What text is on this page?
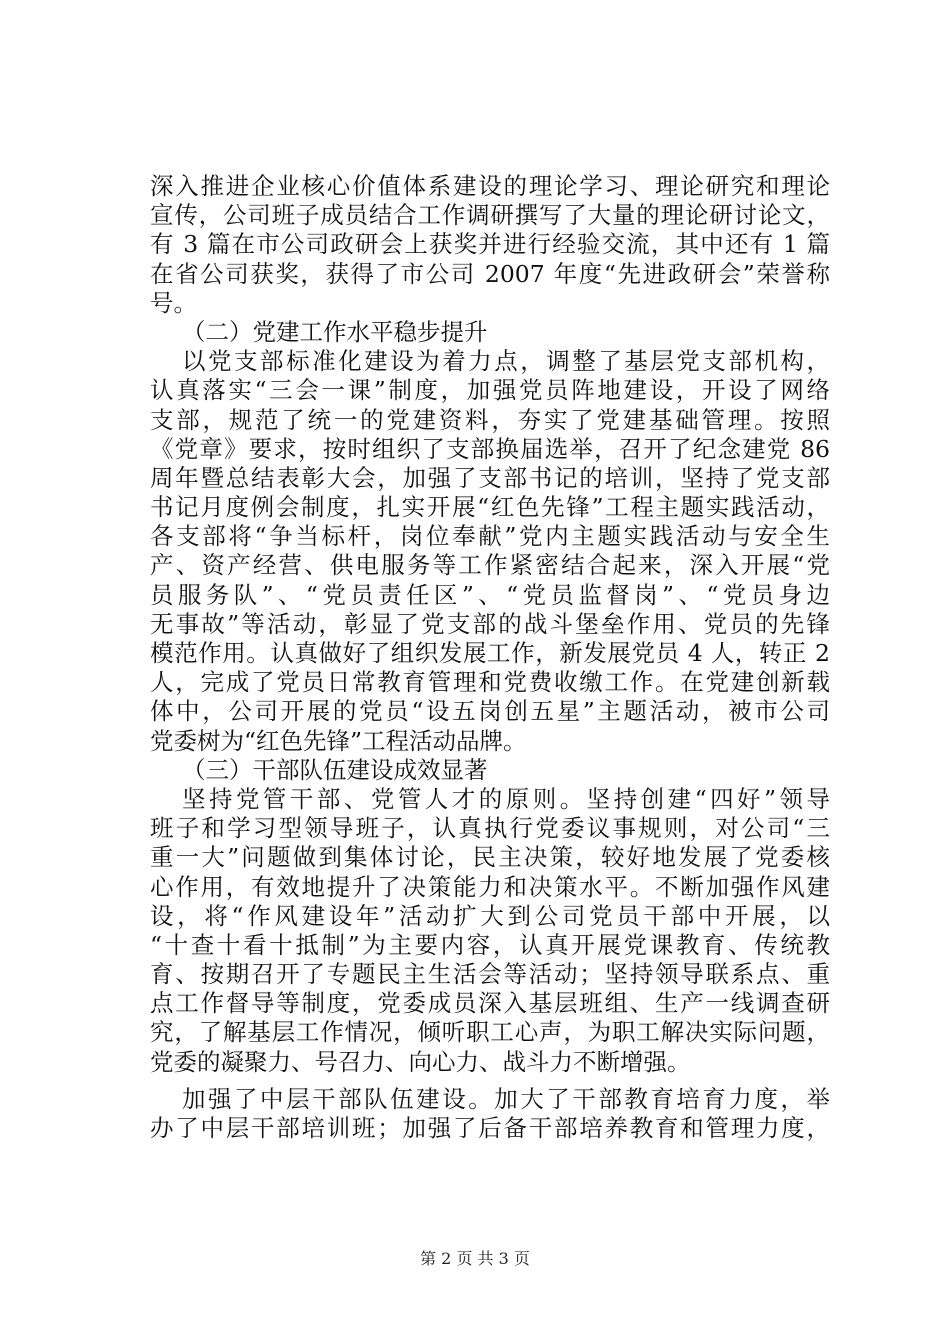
深入推进企业核心价值体系建设的理论学习、理论研究和理论
宣传，公司班子成员结合工作调研撰写了大量的理论研讨论文，
有 3 篇在市公司政研会上获奖并进行经验交流，其中还有 1 篇
在省公司获奖，获得了市公司 2007 年度“先进政研会”荣誉称
号。
（二）党建工作水平稳步提升
以党支部标准化建设为着力点，调整了基层党支部机构，
认真落实“三会一课”制度，加强党员阵地建设，开设了网络
支部，规范了统一的党建资料，夯实了党建基础管理。按照
《党章》要求，按时组织了支部换届选举，召开了纪念建党 86
周年暨总结表彰大会，加强了支部书记的培训，坚持了党支部
书记月度例会制度，扎实开展“红色先锋”工程主题实践活动，
各支部将“争当标杆，岗位奉献”党内主题实践活动与安全生
产、资产经营、供电服务等工作紧密结合起来，深入开展“党
员服务队”、“党员责任区”、“党员监督岗”、“党员身边
无事故”等活动，彰显了党支部的战斗堡垒作用、党员的先锋
模范作用。认真做好了组织发展工作，新发展党员 4 人，转正 2
人，完成了党员日常教育管理和党费收缴工作。在党建创新载
体中，公司开展的党员“设五岗创五星”主题活动，被市公司
党委树为“红色先锋”工程活动品牌。
（三）干部队伍建设成效显著
坚持党管干部、党管人才的原则。坚持创建“四好”领导
班子和学习型领导班子，认真执行党委议事规则，对公司“三
重一大”问题做到集体讨论，民主决策，较好地发展了党委核
心作用，有效地提升了决策能力和决策水平。不断加强作风建
设，将“作风建设年”活动扩大到公司党员干部中开展，以
“十查十看十抵制”为主要内容，认真开展党课教育、传统教
育、按期召开了专题民主生活会等活动；坚持领导联系点、重
点工作督导等制度，党委成员深入基层班组、生产一线调查研
究，了解基层工作情况，倾听职工心声，为职工解决实际问题，
党委的凝聚力、号召力、向心力、战斗力不断增强。
加强了中层干部队伍建设。加大了干部教育培育力度，举
办了中层干部培训班；加强了后备干部培养教育和管理力度，
第 2 页 共 3 页
